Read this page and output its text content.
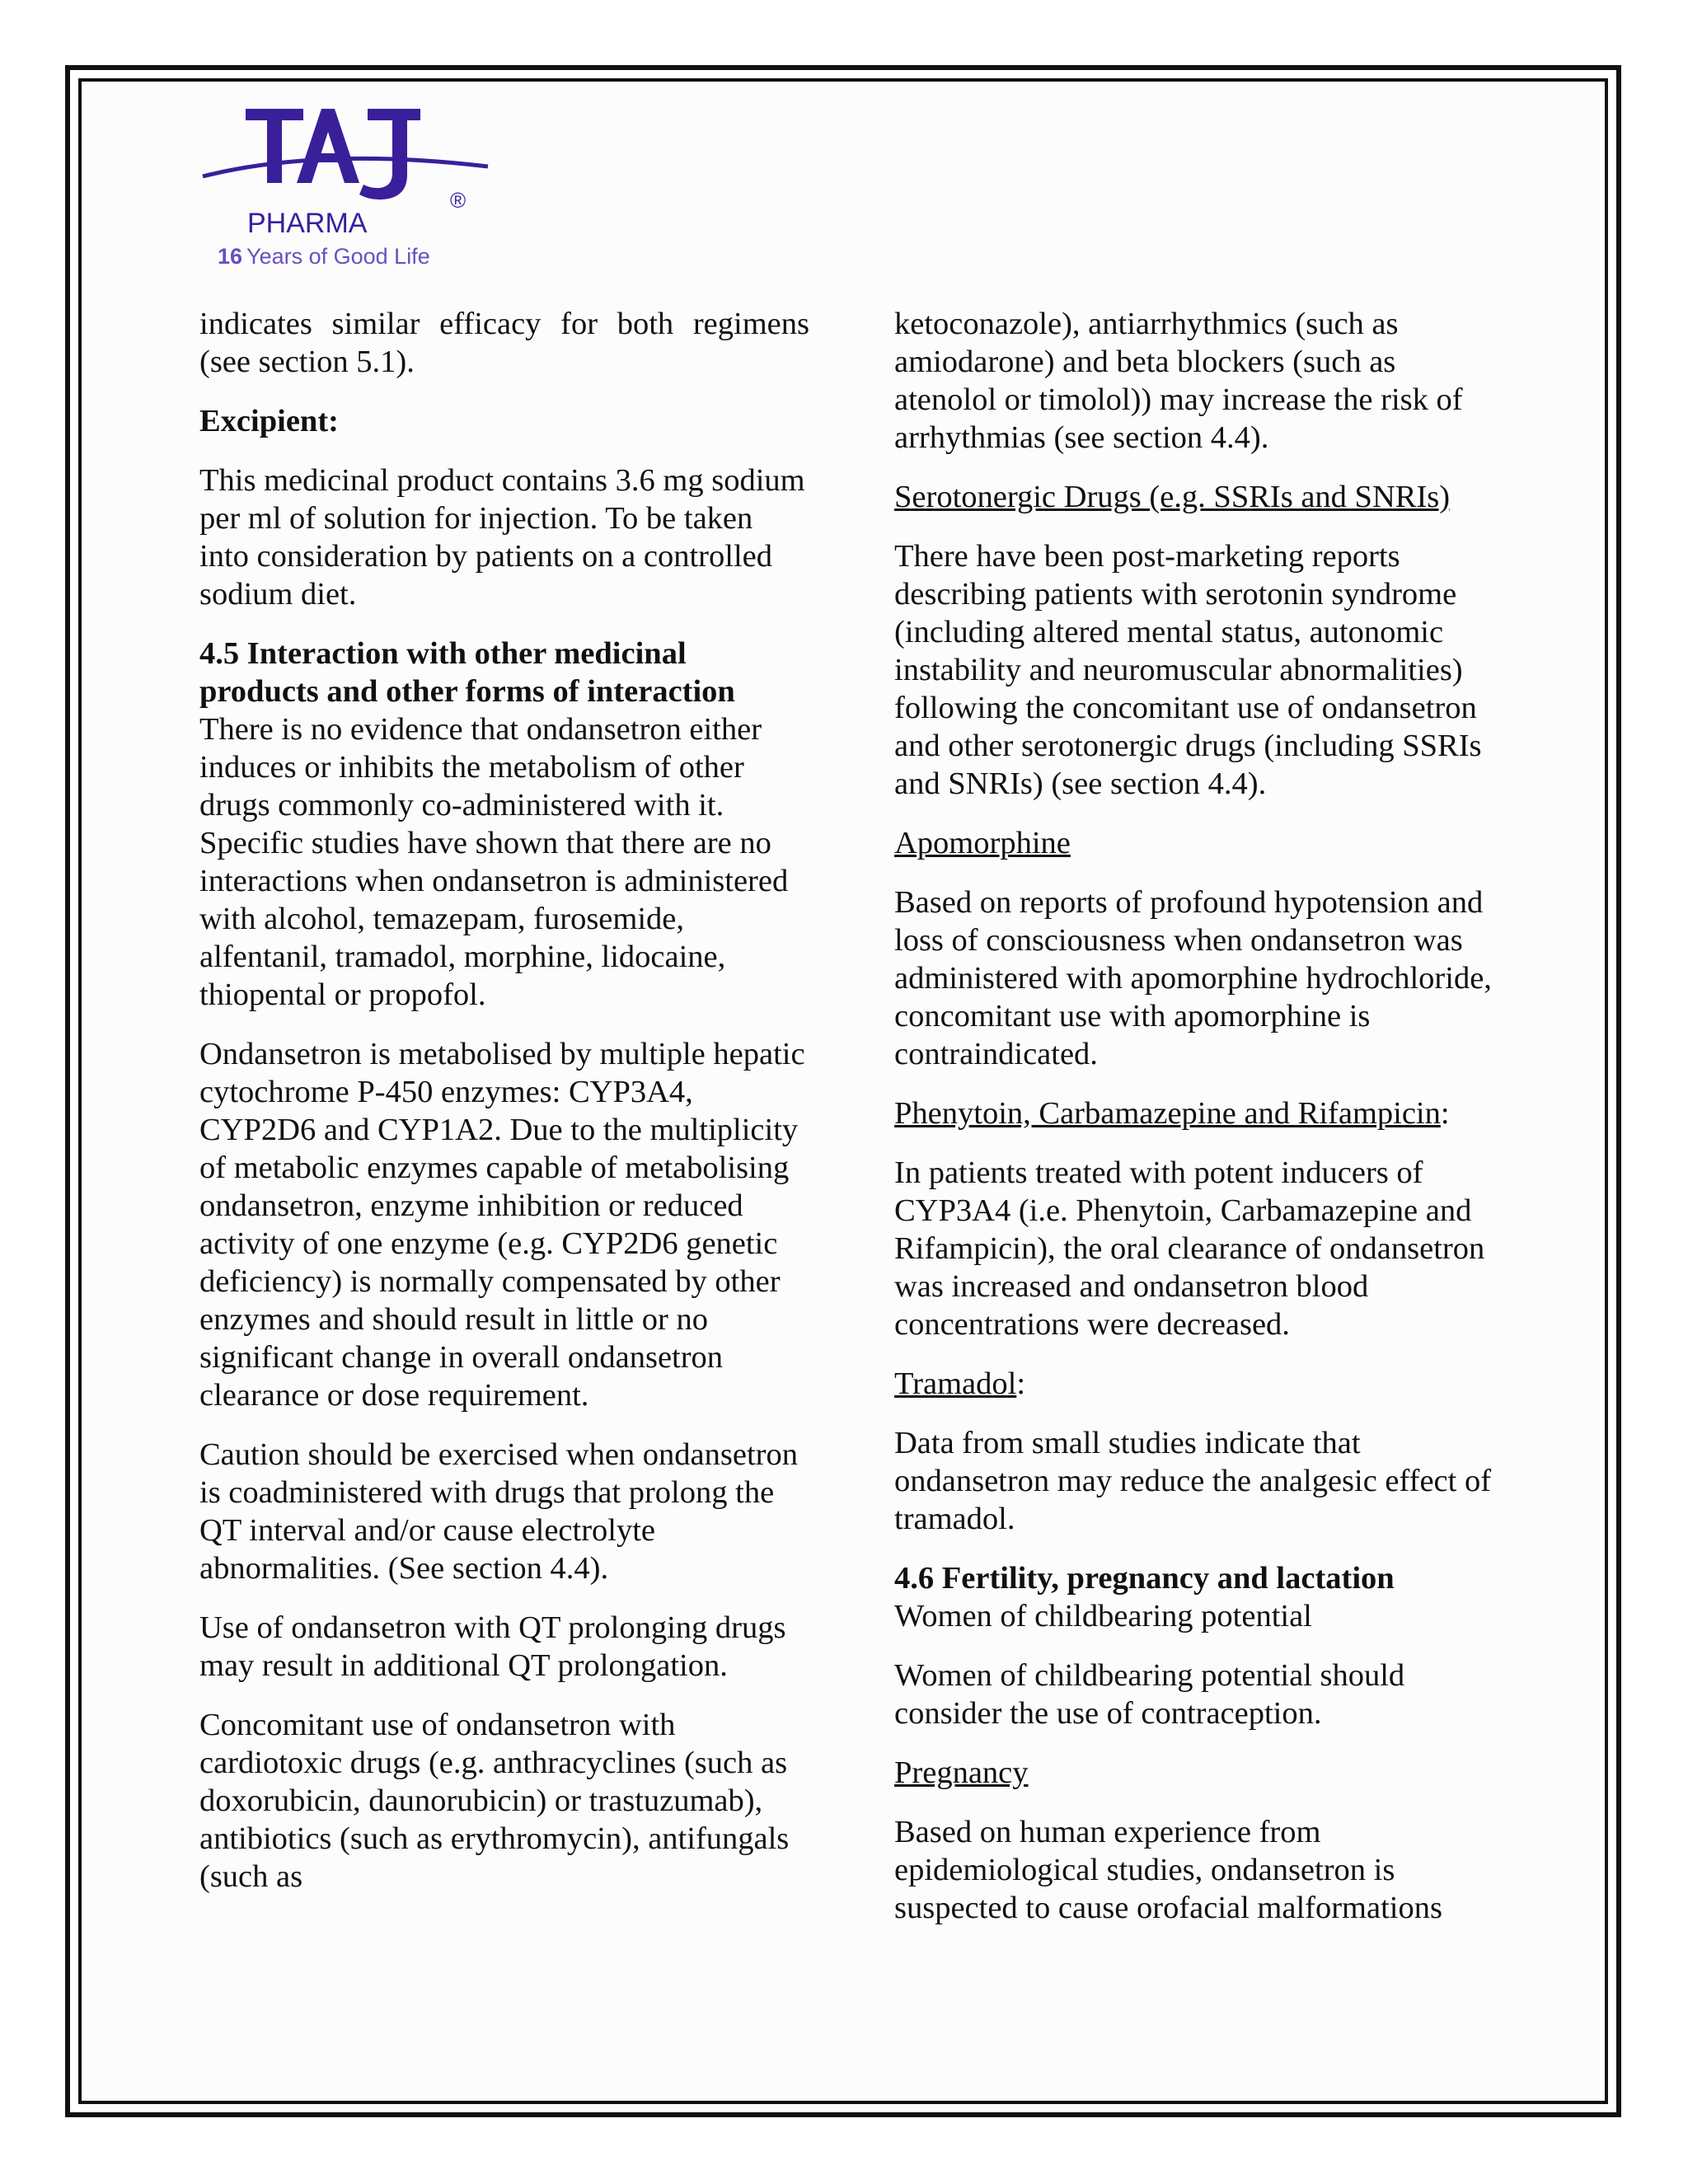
PHARMA
®
16 Years of Good Life

indicates similar efficacy for both regimens

(see section 5.1).

Excipient:

This medicinal product contains 3.6 mg sodium per ml of solution for injection. To be taken into consideration by patients on a controlled sodium diet.

4.5 Interaction with other medicinal products and other forms of interaction

There is no evidence that ondansetron either induces or inhibits the metabolism of other drugs commonly co-administered with it. Specific studies have shown that there are no interactions when ondansetron is administered with alcohol, temazepam, furosemide, alfentanil, tramadol, morphine, lidocaine, thiopental or propofol.

Ondansetron is metabolised by multiple hepatic cytochrome P-450 enzymes: CYP3A4, CYP2D6 and CYP1A2. Due to the multiplicity of metabolic enzymes capable of metabolising ondansetron, enzyme inhibition or reduced activity of one enzyme (e.g. CYP2D6 genetic deficiency) is normally compensated by other enzymes and should result in little or no significant change in overall ondansetron clearance or dose requirement.

Caution should be exercised when ondansetron is coadministered with drugs that prolong the QT interval and/or cause electrolyte abnormalities. (See section 4.4).

Use of ondansetron with QT prolonging drugs may result in additional QT prolongation.

Concomitant use of ondansetron with cardiotoxic drugs (e.g. anthracyclines (such as doxorubicin, daunorubicin) or trastuzumab), antibiotics (such as erythromycin), antifungals (such as

ketoconazole), antiarrhythmics (such as amiodarone) and beta blockers (such as atenolol or timolol)) may increase the risk of arrhythmias (see section 4.4).

Serotonergic Drugs (e.g. SSRIs and SNRIs)

There have been post-marketing reports describing patients with serotonin syndrome (including altered mental status, autonomic instability and neuromuscular abnormalities) following the concomitant use of ondansetron and other serotonergic drugs (including SSRIs and SNRIs) (see section 4.4).

Apomorphine

Based on reports of profound hypotension and loss of consciousness when ondansetron was administered with apomorphine hydrochloride, concomitant use with apomorphine is contraindicated.

Phenytoin, Carbamazepine and Rifampicin:

In patients treated with potent inducers of CYP3A4 (i.e. Phenytoin, Carbamazepine and Rifampicin), the oral clearance of ondansetron was increased and ondansetron blood concentrations were decreased.

Tramadol:

Data from small studies indicate that ondansetron may reduce the analgesic effect of tramadol.

4.6 Fertility, pregnancy and lactation

Women of childbearing potential

Women of childbearing potential should consider the use of contraception.

Pregnancy

Based on human experience from epidemiological studies, ondansetron is suspected to cause orofacial malformations
